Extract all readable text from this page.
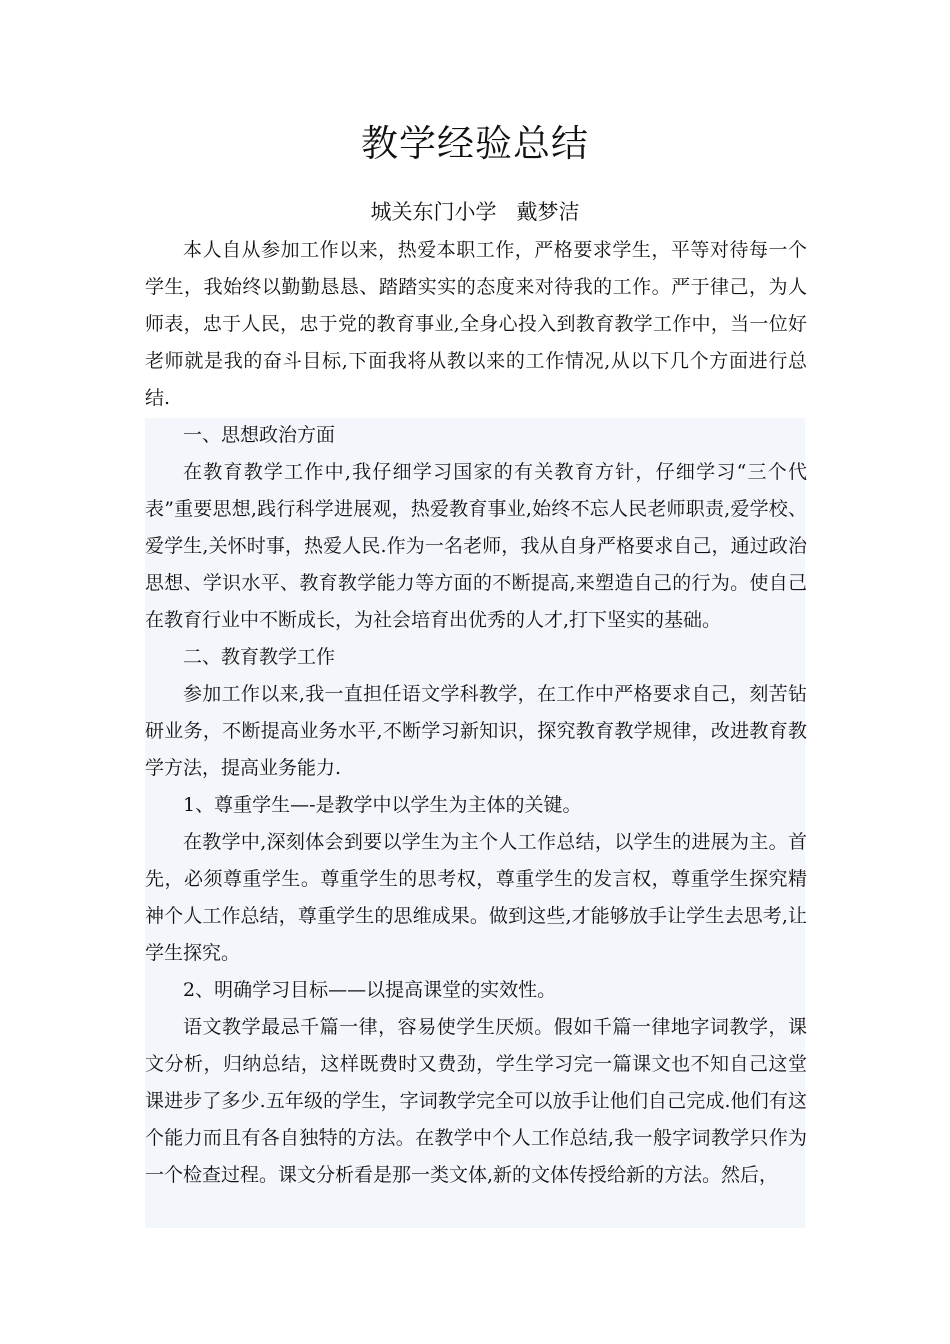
教学经验总结

城关东门小学   戴梦洁

本人自从参加工作以来，热爱本职工作，严格要求学生，平等对待每一个学生，我始终以勤勤恳恳、踏踏实实的态度来对待我的工作。严于律己，为人师表，忠于人民，忠于党的教育事业,全身心投入到教育教学工作中，当一位好老师就是我的奋斗目标,下面我将从教以来的工作情况,从以下几个方面进行总结.

一、思想政治方面

在教育教学工作中,我仔细学习国家的有关教育方针，仔细学习“三个代表”重要思想,践行科学进展观，热爱教育事业,始终不忘人民老师职责,爱学校、爱学生,关怀时事，热爱人民.作为一名老师，我从自身严格要求自己，通过政治思想、学识水平、教育教学能力等方面的不断提高,来塑造自己的行为。使自己在教育行业中不断成长，为社会培育出优秀的人才,打下坚实的基础。

二、教育教学工作

参加工作以来,我一直担任语文学科教学，在工作中严格要求自己，刻苦钻研业务，不断提高业务水平,不断学习新知识，探究教育教学规律，改进教育教学方法，提高业务能力.

1、尊重学生—-是教学中以学生为主体的关键。

在教学中,深刻体会到要以学生为主个人工作总结，以学生的进展为主。首先，必须尊重学生。尊重学生的思考权，尊重学生的发言权，尊重学生探究精神个人工作总结，尊重学生的思维成果。做到这些,才能够放手让学生去思考,让学生探究。

2、明确学习目标——以提高课堂的实效性。

语文教学最忌千篇一律，容易使学生厌烦。假如千篇一律地字词教学，课文分析，归纳总结，这样既费时又费劲，学生学习完一篇课文也不知自己这堂课进步了多少.五年级的学生，字词教学完全可以放手让他们自己完成.他们有这个能力而且有各自独特的方法。在教学中个人工作总结,我一般字词教学只作为一个检查过程。课文分析看是那一类文体,新的文体传授给新的方法。然后，
